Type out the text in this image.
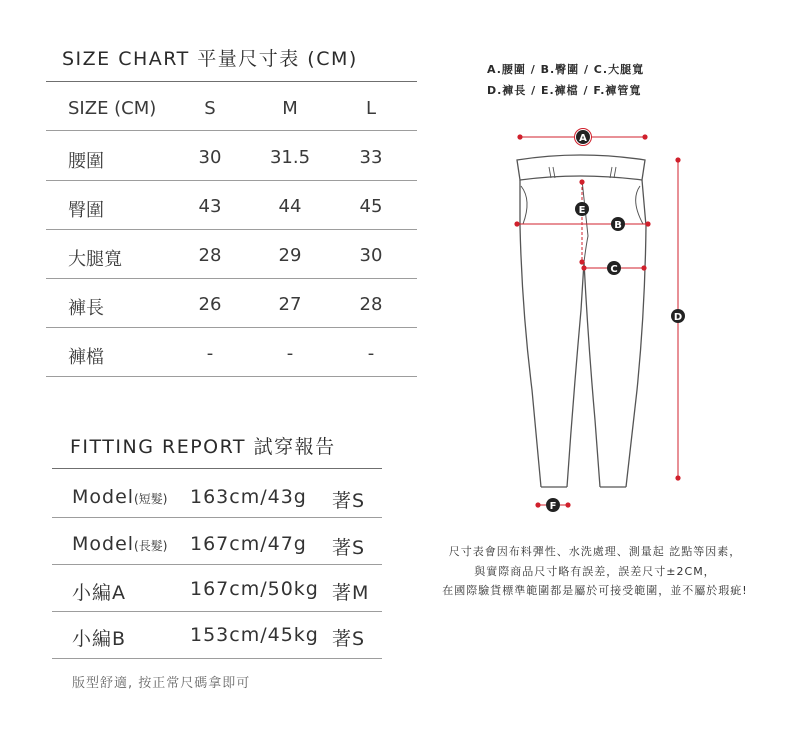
SIZE CHART 平量尺寸表 (CM)
SIZE (CM)	S	M	L
腰圍	30	31.5	33
臀圍	43	44	45
大腿寬	28	29	30
褲長	26	27	28
褲檔	-	-	-
FITTING REPORT 試穿報告
Model(短髮) 163cm/43g 著S
Model(長髮) 167cm/47g 著S
小編A	167cm/50kg 著M
小編B	153cm/45kg 著S
版型舒適, 按正常尺碼拿即可
A.腰圍 / B.臀圍 / C.大腿寬
D.褲長 / E.褲檔 / F.褲管寬
A
E
B
C
D
F
尺寸表會因布料彈性、水洗處理、測量起 訖點等因素，
與實際商品尺寸略有誤差，誤差尺寸±2CM，
在國際驗貨標準範圍都是屬於可接受範圍，並不屬於瑕疵!
